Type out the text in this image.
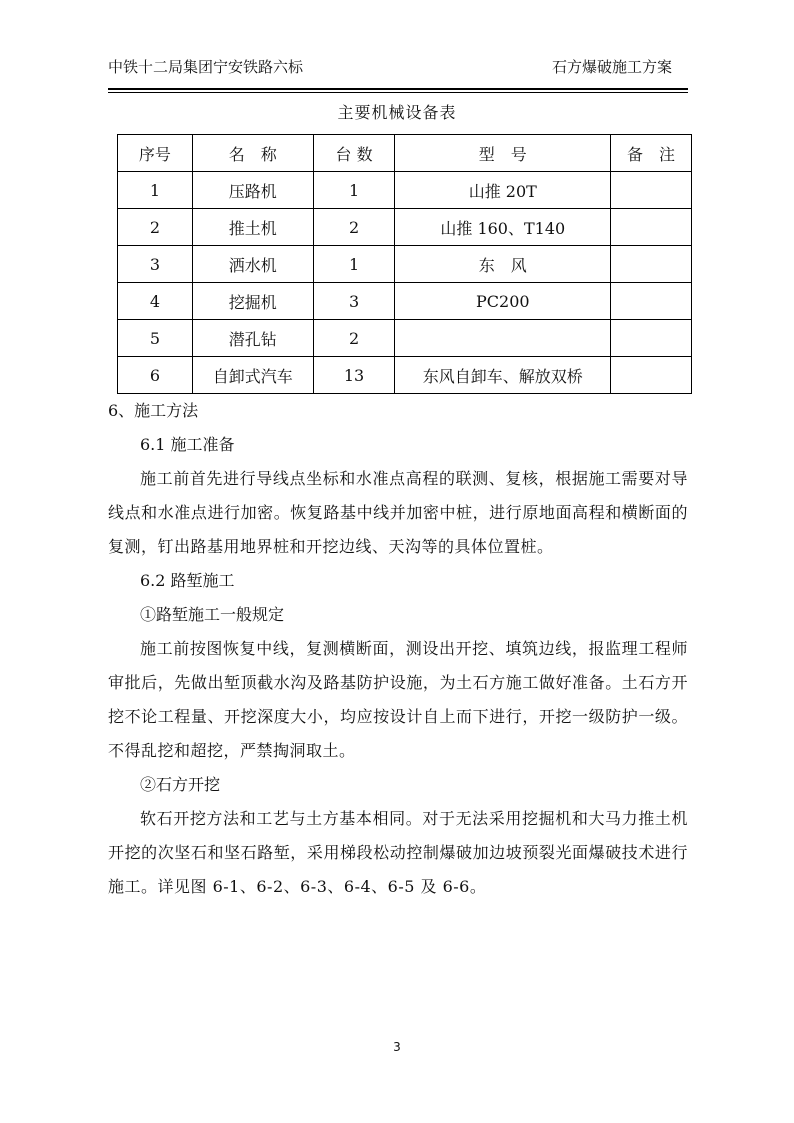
中铁十二局集团宁安铁路六标	石方爆破施工方案
主要机械设备表
序号	名　称	台 数	型　号	备　注
1	压路机	1	山推 20T	
2	推土机	2	山推 160、T140	
3	洒水机	1	东　风	
4	挖掘机	3	PC200	
5	潜孔钻	2		
6	自卸式汽车	13	东风自卸车、解放双桥	

6、施工方法

6.1 施工准备

施工前首先进行导线点坐标和水准点高程的联测、复核，根据施工需要对导线点和水准点进行加密。恢复路基中线并加密中桩，进行原地面高程和横断面的复测，钉出路基用地界桩和开挖边线、天沟等的具体位置桩。

6.2 路堑施工

①路堑施工一般规定

施工前按图恢复中线，复测横断面，测设出开挖、填筑边线，报监理工程师审批后，先做出堑顶截水沟及路基防护设施，为土石方施工做好准备。土石方开挖不论工程量、开挖深度大小，均应按设计自上而下进行，开挖一级防护一级。不得乱挖和超挖，严禁掏洞取土。

②石方开挖

软石开挖方法和工艺与土方基本相同。对于无法采用挖掘机和大马力推土机开挖的次坚石和坚石路堑，采用梯段松动控制爆破加边坡预裂光面爆破技术进行施工。详见图 6-1、6-2、6-3、6-4、6-5 及 6-6。

3
